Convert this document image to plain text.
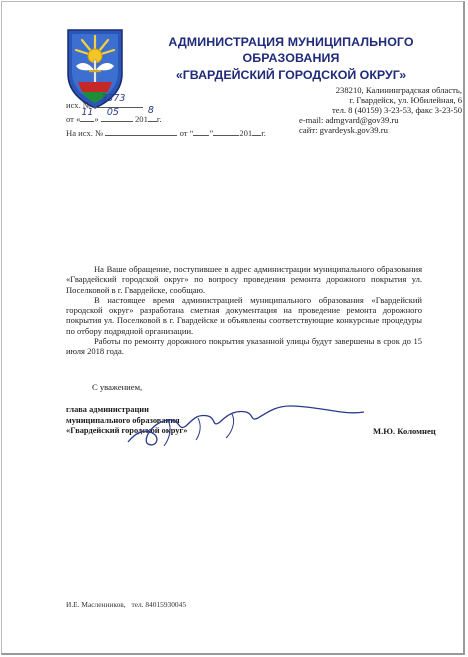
АДМИНИСТРАЦИЯ МУНИЦИПАЛЬНОГО ОБРАЗОВАНИЯ
«ГВАРДЕЙСКИЙ ГОРОДСКОЙ ОКРУГ»
238210, Калининградская область,
г. Гвардейск, ул. Юбилейная, 6
тел. 8 (40159) 3-23-53, факс 3-23-50
e-mail: admgvard@gov39.ru
сайт: gvardeysk.gov39.ru
исх. №
3373
от «
11
»
05
201
8
г.
На исх. №	от “ ”	201 г.

На Ваше обращение, поступившее в адрес администрации муниципального образования «Гвардейский городской округ» по вопросу проведения ремонта дорожного покрытия ул. Поселковой в г. Гвардейске, сообщаю.

В настоящее время администрацией муниципального образования «Гвардейский городской округ» разработана сметная документация на проведение ремонта дорожного покрытия ул. Поселковой в г. Гвардейске и объявлены соответствующие конкурсные процедуры по отбору подрядной организации.

Работы по ремонту дорожного покрытия указанной улицы будут завершены в срок до 15 июля 2018 года.

С уважением,
глава администрации
муниципального образования
«Гвардейский городской округ»	М.Ю. Коломнец
И.Е. Масленников, тел. 84015930045
